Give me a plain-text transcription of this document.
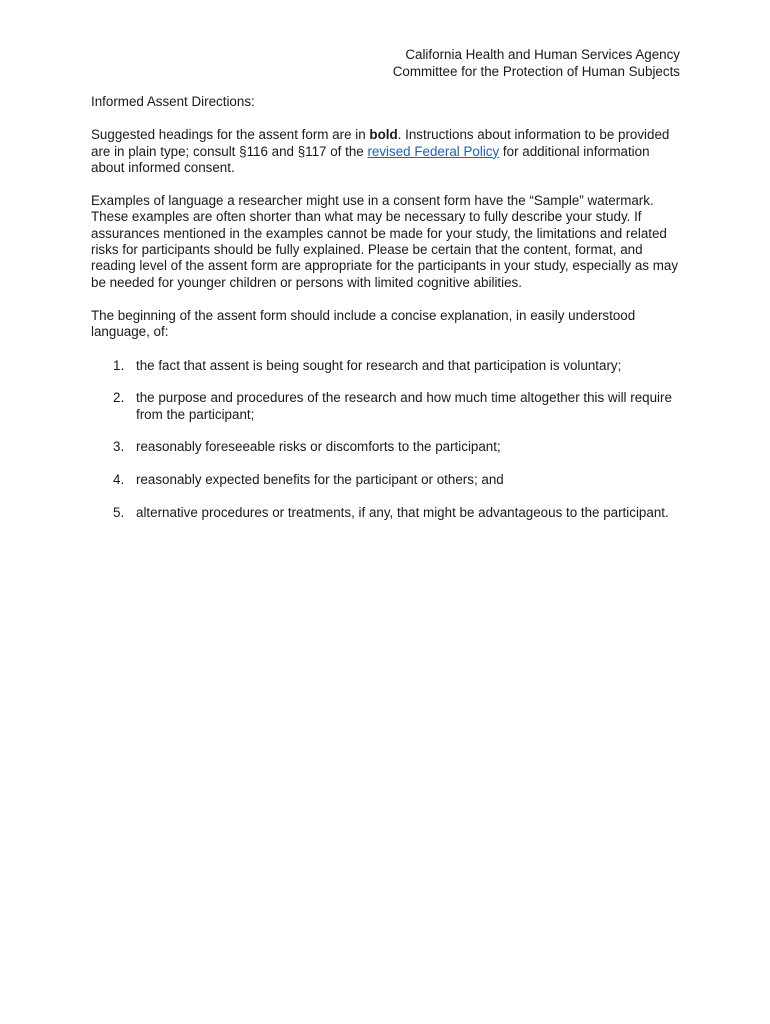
California Health and Human Services Agency
Committee for the Protection of Human Subjects
Informed Assent Directions:

Suggested headings for the assent form are in bold. Instructions about information to be provided are in plain type; consult §116 and §117 of the revised Federal Policy for additional information about informed consent.

Examples of language a researcher might use in a consent form have the “Sample” watermark. These examples are often shorter than what may be necessary to fully describe your study. If assurances mentioned in the examples cannot be made for your study, the limitations and related risks for participants should be fully explained. Please be certain that the content, format, and reading level of the assent form are appropriate for the participants in your study, especially as may be needed for younger children or persons with limited cognitive abilities.

The beginning of the assent form should include a concise explanation, in easily understood language, of:

1. the fact that assent is being sought for research and that participation is voluntary;
2. the purpose and procedures of the research and how much time altogether this will require from the participant;
3. reasonably foreseeable risks or discomforts to the participant;
4. reasonably expected benefits for the participant or others; and
5. alternative procedures or treatments, if any, that might be advantageous to the participant.
